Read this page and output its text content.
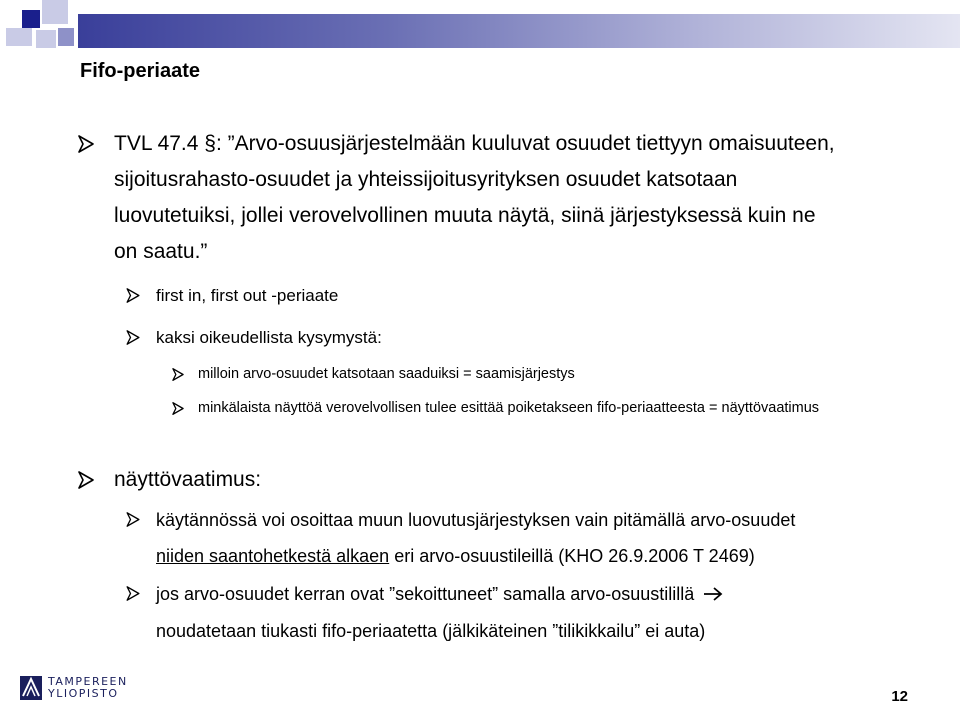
Fifo-periaate
TVL 47.4 §: ”Arvo-osuusjärjestelmään kuuluvat osuudet tiettyyn omaisuuteen, sijoitusrahasto-osuudet ja yhteissijoitusyrityksen osuudet katsotaan luovutetuiksi, jollei verovelvollinen muuta näytä, siinä järjestyksessä kuin ne on saatu.”
first in, first out -periaate
kaksi oikeudellista kysymystä:
milloin arvo-osuudet katsotaan saaduiksi = saamisjärjestys
minkälaista näyttöä verovelvollisen tulee esittää poiketakseen fifo-periaatteesta = näyttövaatimus
näyttövaatimus:
käytännössä voi osoittaa muun luovutusjärjestyksen vain pitämällä arvo-osuudet
niiden saantohetkestä alkaen eri arvo-osuustileillä (KHO 26.9.2006 T 2469)
jos arvo-osuudet kerran ovat ”sekoittuneet” samalla arvo-osuustilillä
noudatetaan tiukasti fifo-periaatetta (jälkikäteinen ”tilikikkailu” ei auta)
TAMPEREEN
YLIOPISTO	12
